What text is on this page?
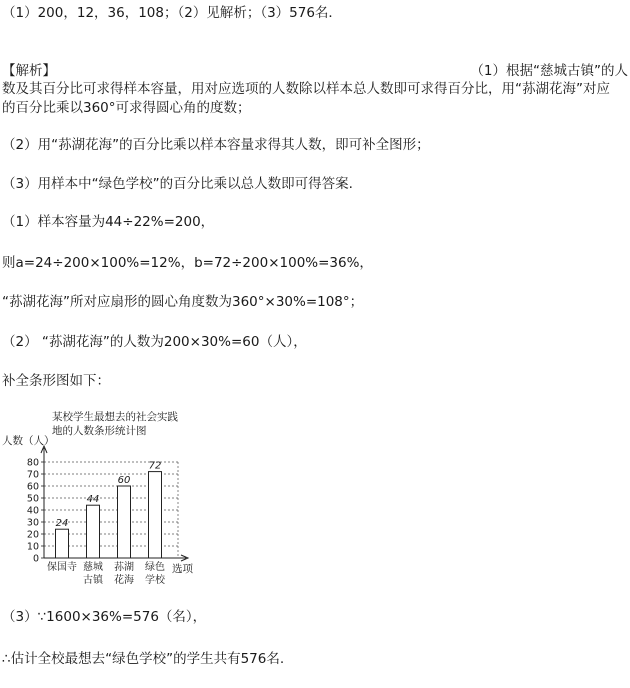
（1）200，12，36，108；（2）见解析；（3）576名．
【解析】	（1）根据“慈城古镇”的人
数及其百分比可求得样本容量，用对应选项的人数除以样本总人数即可求得百分比，用“荪湖花海”对应的百分比乘以360°可求得圆心角的度数；
（2）用“荪湖花海”的百分比乘以样本容量求得其人数，即可补全图形；
（3）用样本中“绿色学校”的百分比乘以总人数即可得答案.
（1）样本容量为44÷22%=200，
则a=24÷200×100%=12%，b=72÷200×100%=36%，
“荪湖花海”所对应扇形的圆心角度数为360°×30%=108°；
（2） “荪湖花海”的人数为200×30%=60（人），
补全条形图如下：
某校学生最想去的社会实践
地的人数条形统计图
人数（人）
0
10
20
30
40
50
60
70
80
选项
24
保国寺
44
慈城
古镇
60
荪湖
花海
72
绿色
学校
（3）∵1600×36%=576（名），
∴估计全校最想去“绿色学校”的学生共有576名.
